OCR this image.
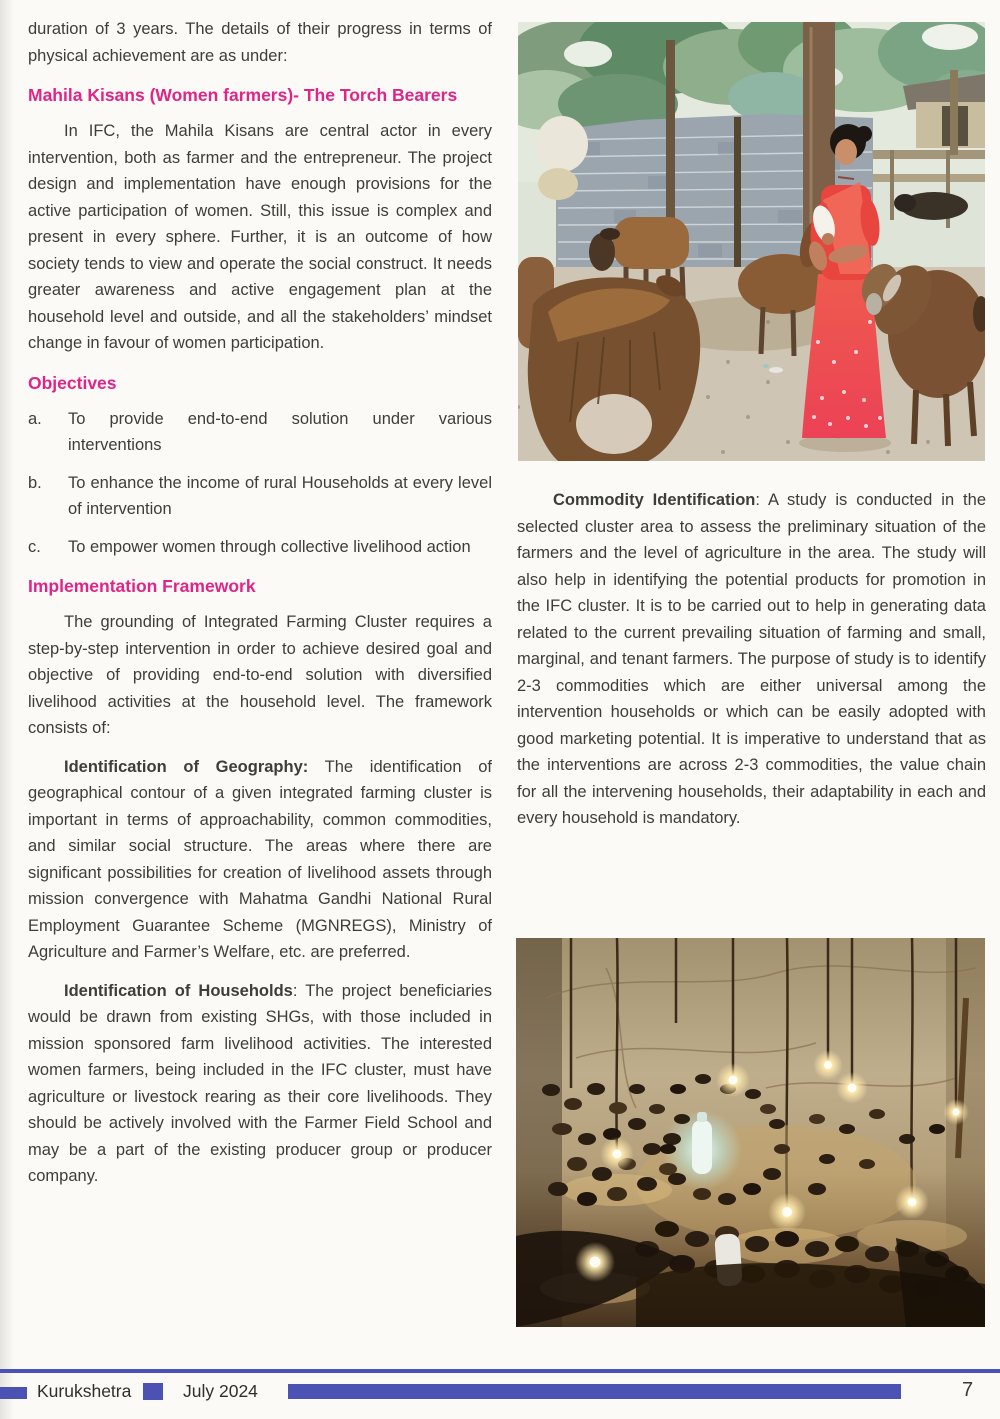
duration of 3 years. The details of their progress in terms of physical achievement are as under:

Mahila Kisans (Women farmers)- The Torch Bearers

In IFC, the Mahila Kisans are central actor in every intervention, both as farmer and the entrepreneur. The project design and implementation have enough provisions for the active participation of women. Still, this issue is complex and present in every sphere. Further, it is an outcome of how society tends to view and operate the social construct. It needs greater awareness and active engagement plan at the household level and outside, and all the stakeholders’ mindset change in favour of women participation.

Objectives
a.	To provide end-to-end solution under various interventions
b.	To enhance the income of rural Households at every level of intervention
c.	To empower women through collective livelihood action
Implementation Framework

The grounding of Integrated Farming Cluster requires a step-by-step intervention in order to achieve desired goal and objective of providing end-to-end solution with diversified livelihood activities at the household level. The framework consists of:

Identification of Geography: The identification of geographical contour of a given integrated farming cluster is important in terms of approachability, common commodities, and similar social structure. The areas where there are significant possibilities for creation of livelihood assets through mission convergence with Mahatma Gandhi National Rural Employment Guarantee Scheme (MGNREGS), Ministry of Agriculture and Farmer’s Welfare, etc. are preferred.

Identification of Households: The project beneficiaries would be drawn from existing SHGs, with those included in mission sponsored farm livelihood activities. The interested women farmers, being included in the IFC cluster, must have agriculture or livestock rearing as their core livelihoods. They should be actively involved with the Farmer Field School and may be a part of the existing producer group or producer company.

Commodity Identification: A study is conducted in the selected cluster area to assess the preliminary situation of the farmers and the level of agriculture in the area. The study will also help in identifying the potential products for promotion in the IFC cluster. It is to be carried out to help in generating data related to the current prevailing situation of farming and small, marginal, and tenant farmers. The purpose of study is to identify 2-3 commodities which are either universal among the intervention households or which can be easily adopted with good marketing potential. It is imperative to understand that as the interventions are across 2-3 commodities, the value chain for all the intervening households, their adaptability in each and every household is mandatory.

Kurukshetra	July 2024	7
